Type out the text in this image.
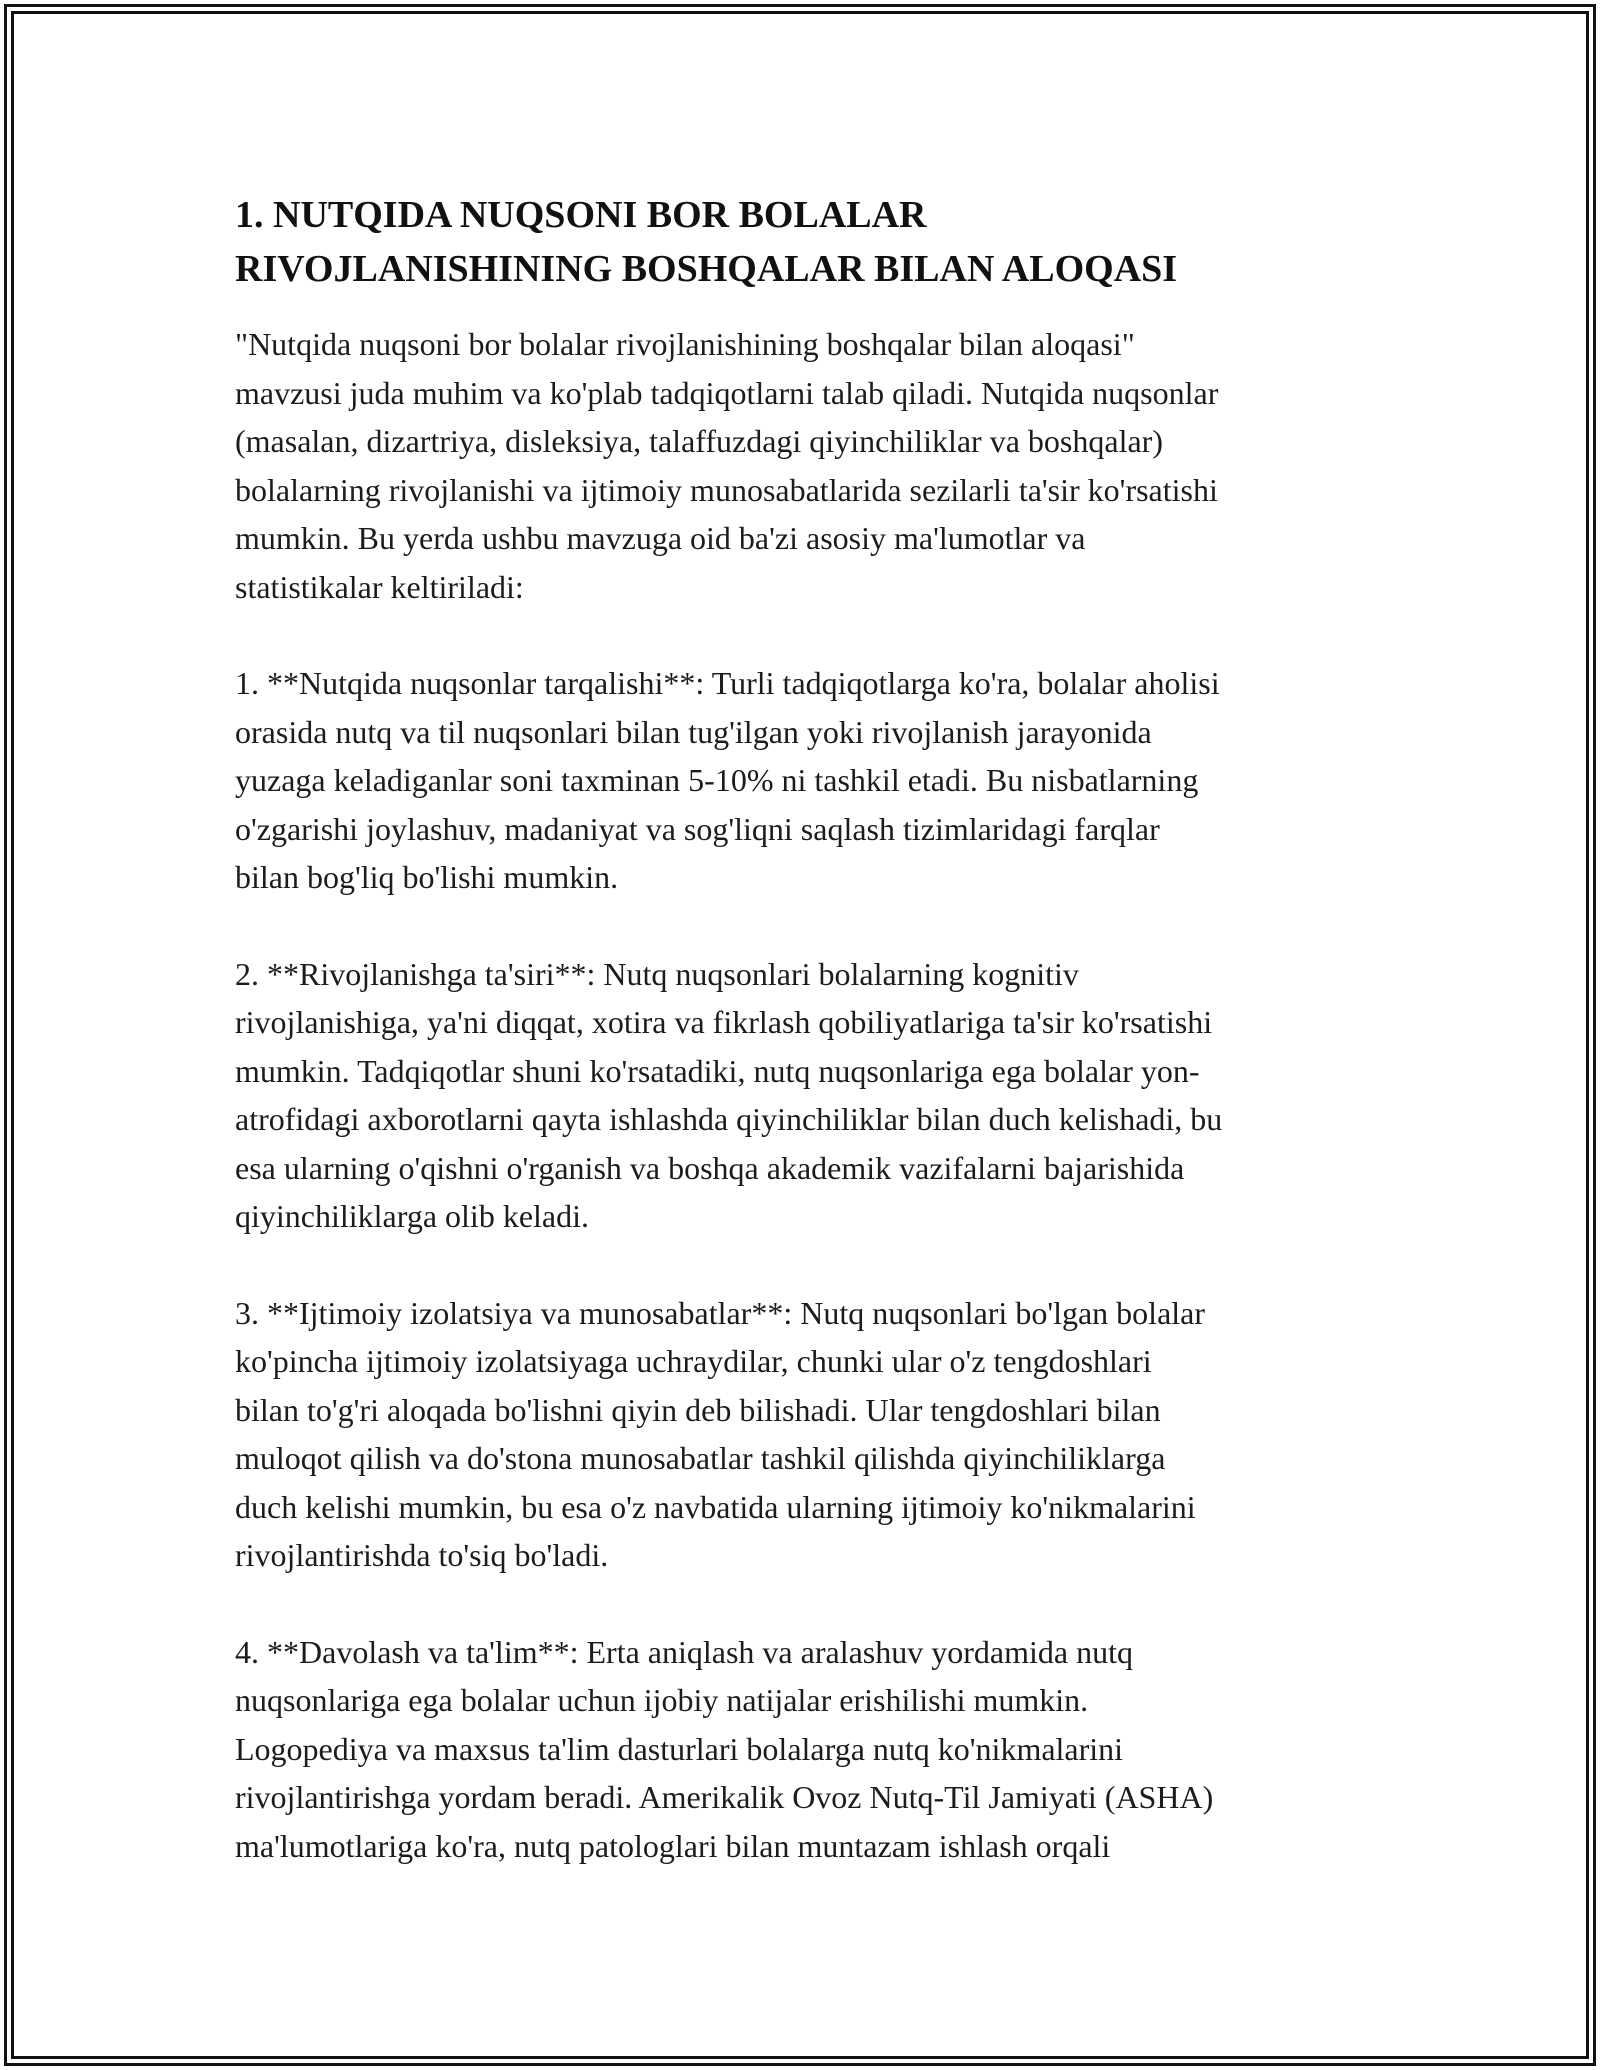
1. NUTQIDA NUQSONI BOR BOLALAR
RIVOJLANISHINING BOSHQALAR BILAN ALOQASI

"Nutqida nuqsoni bor bolalar rivojlanishining boshqalar bilan aloqasi"
mavzusi juda muhim va ko'plab tadqiqotlarni talab qiladi. Nutqida nuqsonlar
(masalan, dizartriya, disleksiya, talaffuzdagi qiyinchiliklar va boshqalar)
bolalarning rivojlanishi va ijtimoiy munosabatlarida sezilarli ta'sir ko'rsatishi
mumkin. Bu yerda ushbu mavzuga oid ba'zi asosiy ma'lumotlar va
statistikalar keltiriladi:

1. **Nutqida nuqsonlar tarqalishi**: Turli tadqiqotlarga ko'ra, bolalar aholisi
orasida nutq va til nuqsonlari bilan tug'ilgan yoki rivojlanish jarayonida
yuzaga keladiganlar soni taxminan 5-10% ni tashkil etadi. Bu nisbatlarning
o'zgarishi joylashuv, madaniyat va sog'liqni saqlash tizimlaridagi farqlar
bilan bog'liq bo'lishi mumkin.

2. **Rivojlanishga ta'siri**: Nutq nuqsonlari bolalarning kognitiv
rivojlanishiga, ya'ni diqqat, xotira va fikrlash qobiliyatlariga ta'sir ko'rsatishi
mumkin. Tadqiqotlar shuni ko'rsatadiki, nutq nuqsonlariga ega bolalar yon-
atrofidagi axborotlarni qayta ishlashda qiyinchiliklar bilan duch kelishadi, bu
esa ularning o'qishni o'rganish va boshqa akademik vazifalarni bajarishida
qiyinchiliklarga olib keladi.

3. **Ijtimoiy izolatsiya va munosabatlar**: Nutq nuqsonlari bo'lgan bolalar
ko'pincha ijtimoiy izolatsiyaga uchraydilar, chunki ular o'z tengdoshlari
bilan to'g'ri aloqada bo'lishni qiyin deb bilishadi. Ular tengdoshlari bilan
muloqot qilish va do'stona munosabatlar tashkil qilishda qiyinchiliklarga
duch kelishi mumkin, bu esa o'z navbatida ularning ijtimoiy ko'nikmalarini
rivojlantirishda to'siq bo'ladi.

4. **Davolash va ta'lim**: Erta aniqlash va aralashuv yordamida nutq
nuqsonlariga ega bolalar uchun ijobiy natijalar erishilishi mumkin.
Logopediya va maxsus ta'lim dasturlari bolalarga nutq ko'nikmalarini
rivojlantirishga yordam beradi. Amerikalik Ovoz Nutq-Til Jamiyati (ASHA)
ma'lumotlariga ko'ra, nutq patologlari bilan muntazam ishlash orqali
